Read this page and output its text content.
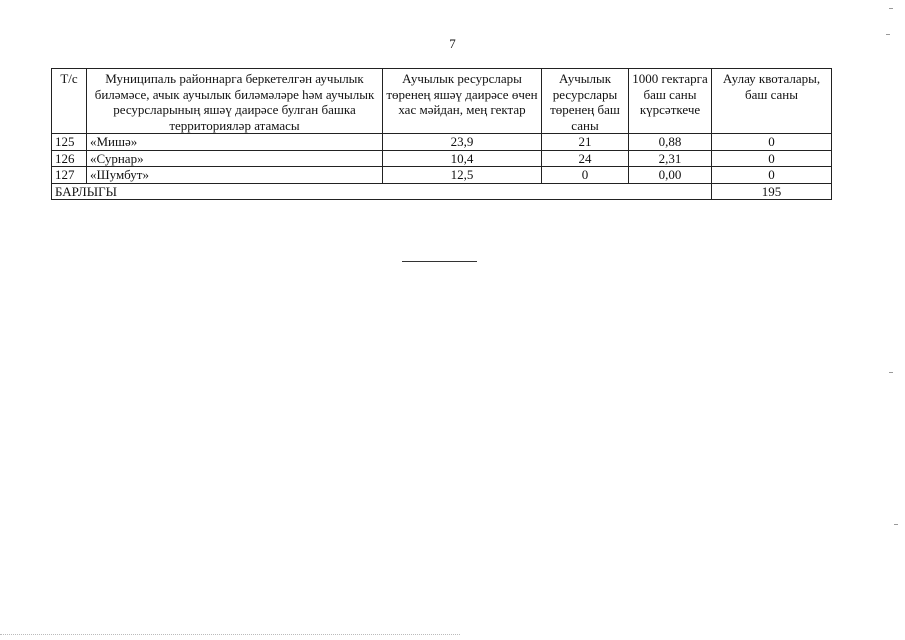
7
Т/с	Муниципаль районнарга беркетелгән аучылык биләмәсе, ачык аучылык биләмәләре һәм аучылык ресурсларының яшәү даирәсе булган башка территорияләр атамасы	Аучылык ресурслары төренең яшәү даирәсе өчен хас мәйдан, мең гектар	Аучылык ресурслары төренең баш саны	1000 гектарга баш саны күрсәткече	Аулау квоталары, баш саны
125	«Мишә»	23,9	21	0,88	0
126	«Сурнар»	10,4	24	2,31	0
127	«Шумбут»	12,5	0	0,00	0
БАРЛЫГЫ					195
